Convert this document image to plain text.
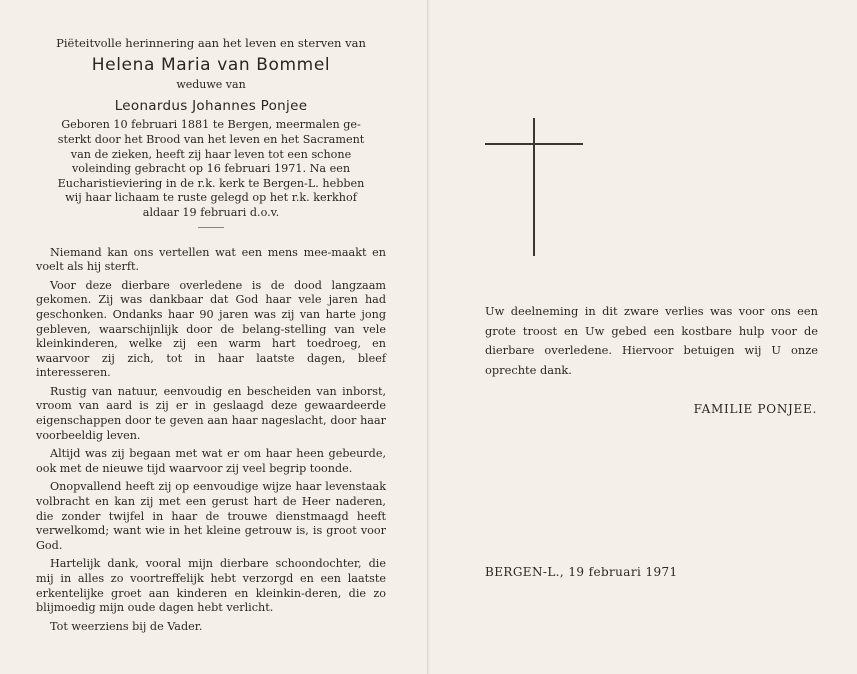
Piëteitvolle herinnering aan het leven en sterven van
Helena Maria van Bommel
weduwe van
Leonardus Johannes Ponjee
Geboren 10 februari 1881 te Bergen, meermalen ge-
sterkt door het Brood van het leven en het Sacrament
van de zieken, heeft zij haar leven tot een schone
voleinding gebracht op 16 februari 1971. Na een
Eucharistieviering in de r.k. kerk te Bergen-L. hebben
wij haar lichaam te ruste gelegd op het r.k. kerkhof
aldaar 19 februari d.o.v.

Niemand kan ons vertellen wat een mens mee-maakt en voelt als hij sterft.

Voor deze dierbare overledene is de dood langzaam gekomen. Zij was dankbaar dat God haar vele jaren had geschonken. Ondanks haar 90 jaren was zij van harte jong gebleven, waarschijnlijk door de belang-stelling van vele kleinkinderen, welke zij een warm hart toedroeg, en waarvoor zij zich, tot in haar laatste dagen, bleef interesseren.

Rustig van natuur, eenvoudig en bescheiden van inborst, vroom van aard is zij er in geslaagd deze gewaardeerde eigenschappen door te geven aan haar nageslacht, door haar voorbeeldig leven.

Altijd was zij begaan met wat er om haar heen gebeurde, ook met de nieuwe tijd waarvoor zij veel begrip toonde.

Onopvallend heeft zij op eenvoudige wijze haar levenstaak volbracht en kan zij met een gerust hart de Heer naderen, die zonder twijfel in haar de trouwe dienstmaagd heeft verwelkomd; want wie in het kleine getrouw is, is groot voor God.

Hartelijk dank, vooral mijn dierbare schoondochter, die mij in alles zo voortreffelijk hebt verzorgd en een laatste erkentelijke groet aan kinderen en kleinkin-deren, die zo blijmoedig mijn oude dagen hebt verlicht.

Tot weerziens bij de Vader.

Uw deelneming in dit zware verlies was voor ons een grote troost en Uw gebed een kostbare hulp voor de dierbare overledene. Hiervoor betuigen wij U onze oprechte dank.
FAMILIE PONJEE.
BERGEN-L., 19 februari 1971
